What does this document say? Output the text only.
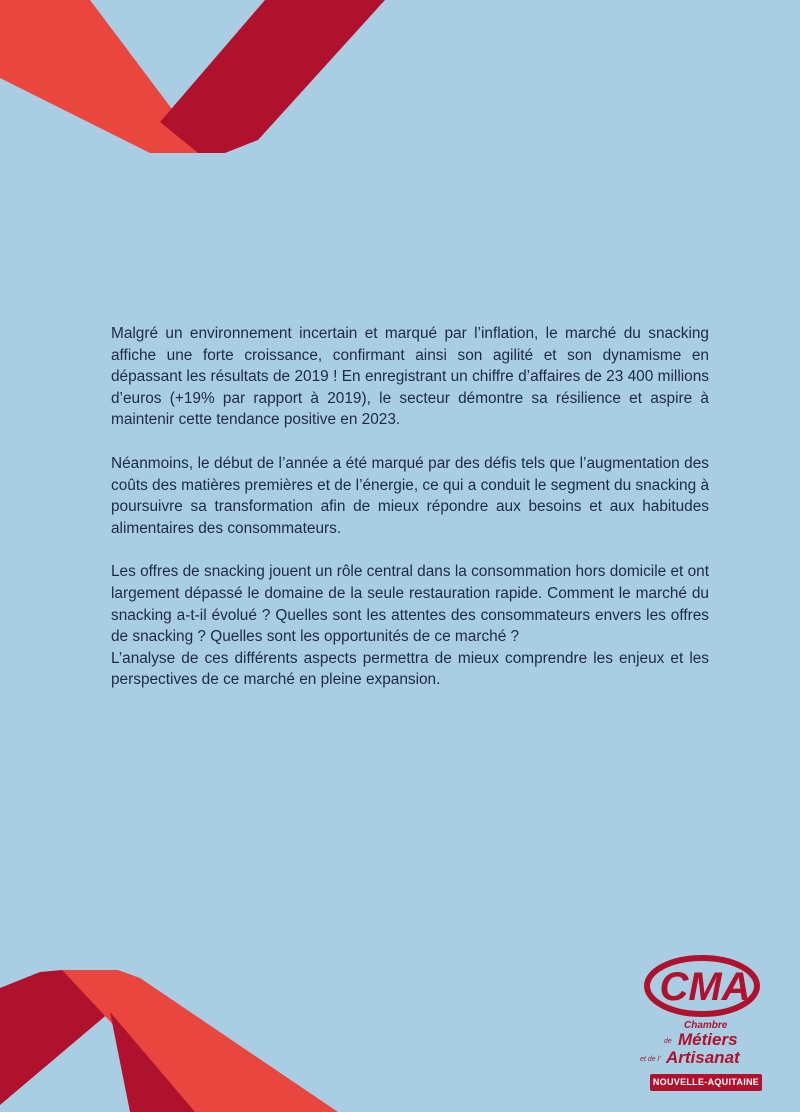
Malgré un environnement incertain et marqué par l’inflation, le marché du snacking affiche une forte croissance, confirmant ainsi son agilité et son dynamisme en dépassant les résultats de 2019 ! En enregistrant un chiffre d’affaires de 23 400 millions d’euros (+19% par rapport à 2019), le secteur démontre sa résilience et aspire à maintenir cette tendance positive en 2023.

Néanmoins, le début de l’année a été marqué par des défis tels que l’augmentation des coûts des matières premières et de l’énergie, ce qui a conduit le segment du snacking à poursuivre sa transformation afin de mieux répondre aux besoins et aux habitudes alimentaires des consommateurs.

Les offres de snacking jouent un rôle central dans la consommation hors domicile et ont largement dépassé le domaine de la seule restauration rapide. Comment le marché du snacking a-t-il évolué ? Quelles sont les attentes des consommateurs envers les offres de snacking ? Quelles sont les opportunités de ce marché ?

L’analyse de ces différents aspects permettra de mieux comprendre les enjeux et les perspectives de ce marché en pleine expansion.

CMA
Chambre
de Métiers
et de l’ Artisanat
NOUVELLE-AQUITAINE
